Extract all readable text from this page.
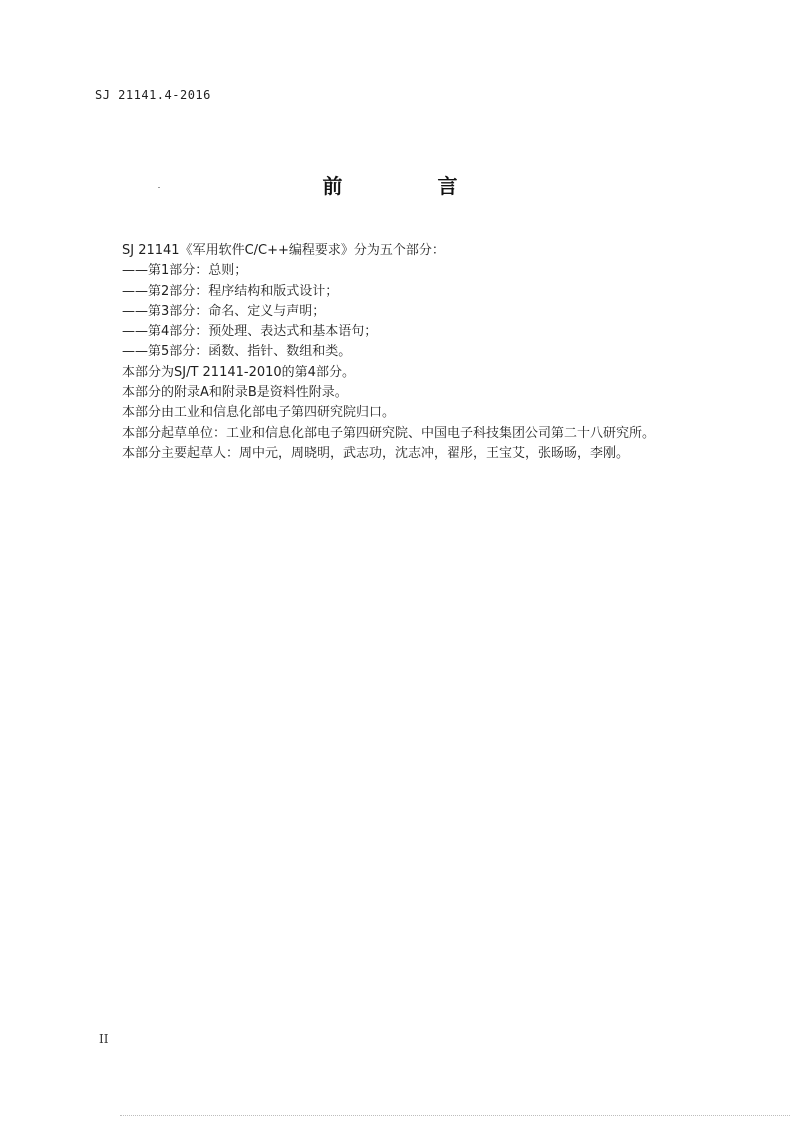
SJ 21141.4-2016
前 言
SJ 21141《军用软件C/C++编程要求》分为五个部分：
——第1部分：总则；
——第2部分：程序结构和版式设计；
——第3部分：命名、定义与声明；
——第4部分：预处理、表达式和基本语句；
——第5部分：函数、指针、数组和类。
本部分为SJ/T 21141-2010的第4部分。
本部分的附录A和附录B是资料性附录。
本部分由工业和信息化部电子第四研究院归口。
本部分起草单位：工业和信息化部电子第四研究院、中国电子科技集团公司第二十八研究所。
本部分主要起草人：周中元，周晓明，武志功，沈志冲，翟彤，王宝艾，张旸旸，李刚。
II
